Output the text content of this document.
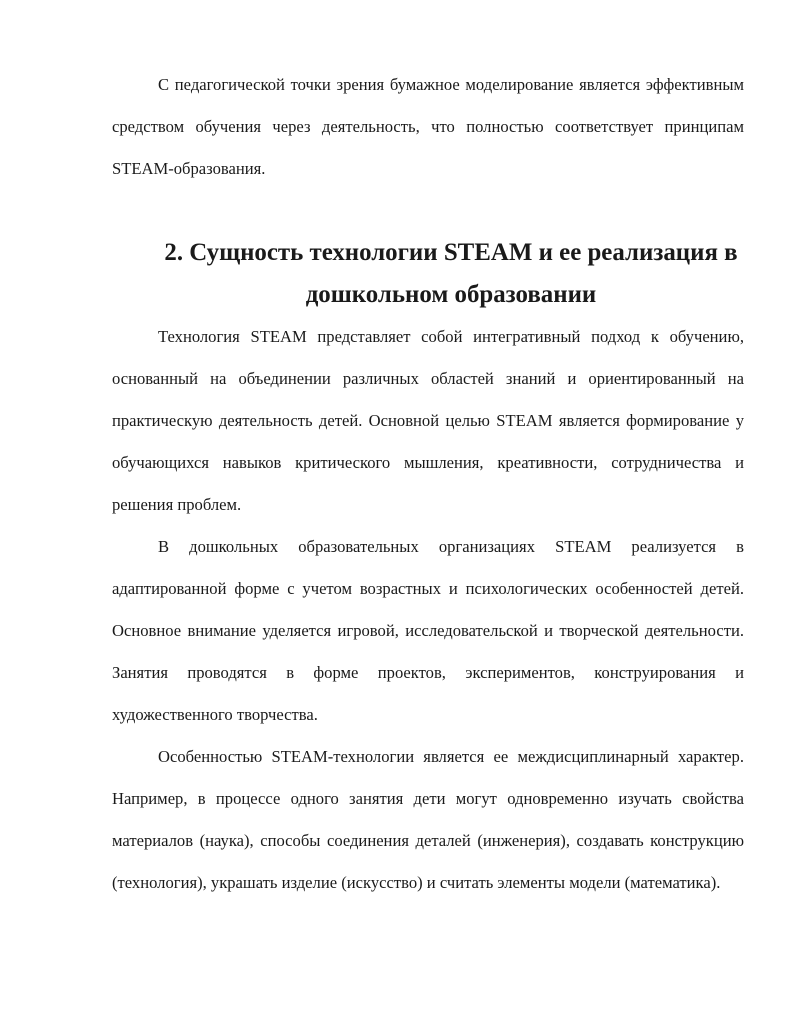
С педагогической точки зрения бумажное моделирование является эффективным средством обучения через деятельность, что полностью соответствует принципам STEAM-образования.

2. Сущность технологии STEAM и ее реализация в дошкольном образовании

Технология STEAM представляет собой интегративный подход к обучению, основанный на объединении различных областей знаний и ориентированный на практическую деятельность детей. Основной целью STEAM является формирование у обучающихся навыков критического мышления, креативности, сотрудничества и решения проблем.

В дошкольных образовательных организациях STEAM реализуется в адаптированной форме с учетом возрастных и психологических особенностей детей. Основное внимание уделяется игровой, исследовательской и творческой деятельности. Занятия проводятся в форме проектов, экспериментов, конструирования и художественного творчества.

Особенностью STEAM-технологии является ее междисциплинарный характер. Например, в процессе одного занятия дети могут одновременно изучать свойства материалов (наука), способы соединения деталей (инженерия), создавать конструкцию (технология), украшать изделие (искусство) и считать элементы модели (математика).
